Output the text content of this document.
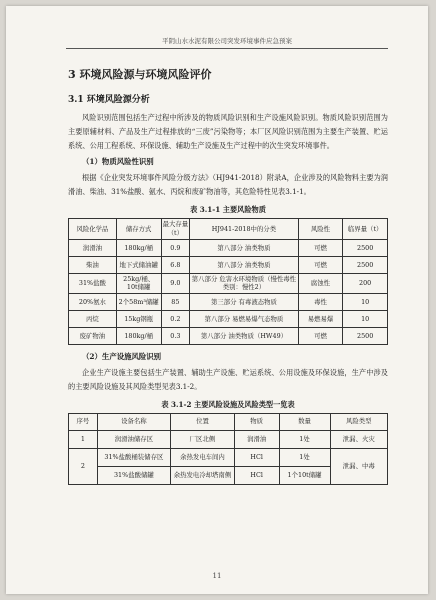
平阴山水水泥有限公司突发环境事件应急预案
3 环境风险源与环境风险评价
3.1 环境风险源分析

风险识别范围包括生产过程中所涉及的物质风险识别和生产设施风险识别。物质风险识别范围为主要原辅材料、产品及生产过程排放的“三废”污染物等；本厂区风险识别范围为主要生产装置、贮运系统、公用工程系统、环保设施、辅助生产设施及生产过程中的次生突发环境事件。

（1）物质风险性识别

根据《企业突发环境事件风险分级方法》（HJ941-2018）附录A，企业涉及的风险物料主要为润滑油、柴油、31%盐酸、氨水、丙烷和废矿物油等，其危险特性见表3.1-1。

表 3.1-1 主要风险物质
风险化学品	储存方式	最大存量（t）	HJ941-2018中的分类	风险性	临界量（t）
润滑油	180kg/桶	0.9	第八部分 油类物质	可燃	2500
柴油	地下式储油罐	6.8	第八部分 油类物质	可燃	2500
31%盐酸	25kg/桶、10t储罐	9.0	第八部分 危害水环境物质（慢性毒性类别：慢性2）	腐蚀性	200
20%氨水	2个58m³储罐	85	第三部分 有毒液态物质	毒性	10
丙烷	15kg钢瓶	0.2	第八部分 易燃易爆气态物质	易燃易爆	10
废矿物油	180kg/桶	0.3	第八部分 油类物质（HW49）	可燃	2500
（2）生产设施风险识别

企业生产设施主要包括生产装置、辅助生产设施、贮运系统、公用设施及环保设施，生产中涉及的主要风险设施及其风险类型见表3.1-2。

表 3.1-2 主要风险设施及风险类型一览表
序号	设备名称	位置	物质	数量	风险类型
1	润滑油储存区	厂区北侧	润滑油	1处	泄漏、火灾
2	31%盐酸桶装储存区	余热发电车间内	HCl	1处	泄漏、中毒
	31%盐酸储罐	余热发电冷却塔南侧	HCl	1个10t储罐	
11
